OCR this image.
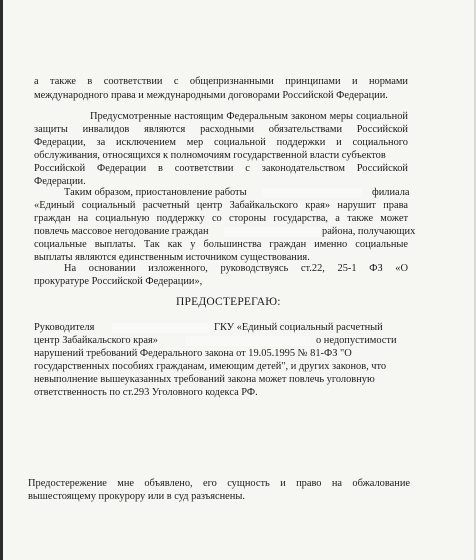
а также в соответствии с общепризнанными принципами и нормами
международного права и международными договорами Российской Федерации.
Предусмотренные настоящим Федеральным законом меры социальной
защиты инвалидов являются расходными обязательствами Российской
Федерации, за исключением мер социальной поддержки и социального
обслуживания, относящихся к полномочиям государственной власти субъектов
Российской Федерации в соответствии с законодательством Российской
Федерации.
Таким образом, приостановление работы	филиала
«Единый социальный расчетный центр Забайкальского края» нарушит права
граждан на социальную поддержку со стороны государства, а также может
повлечь массовое негодование граждан	района, получающих
социальные выплаты. Так как у большинства граждан именно социальные
выплаты являются единственным источником существования.
На основании изложенного, руководствуясь ст.22, 25-1 ФЗ «О
прокуратуре Российской Федерации»,
ПРЕДОСТЕРЕГАЮ:
Руководителя	ГКУ «Единый социальный расчетный
центр Забайкальского края»	о недопустимости
нарушений требований Федерального закона от 19.05.1995 № 81-ФЗ "О
государственных пособиях гражданам, имеющим детей", и других законов, что
невыполнение вышеуказанных требований закона может повлечь уголовную
ответственность по ст.293 Уголовного кодекса РФ.
Предостережение мне объявлено, его сущность и право на обжалование
вышестоящему прокурору или в суд разъяснены.
